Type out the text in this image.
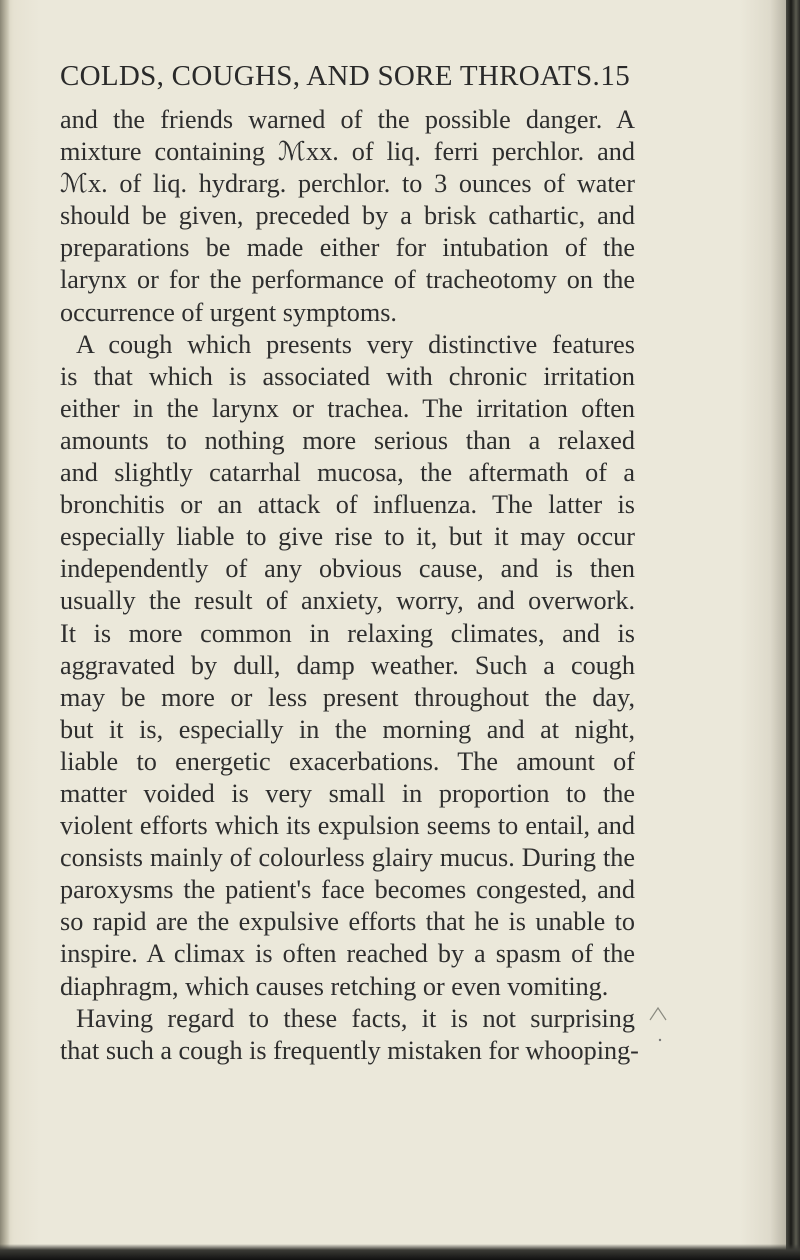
COLDS, COUGHS, AND SORE THROATS. 15
and the friends warned of the possible danger. A
mixture containing ℳxx. of liq. ferri perchlor. and
ℳx. of liq. hydrarg. perchlor. to 3 ounces of water
should be given, preceded by a brisk cathartic, and
preparations be made either for intubation of the
larynx or for the performance of tracheotomy on the
occurrence of urgent symptoms.
A cough which presents very distinctive features
is that which is associated with chronic irritation
either in the larynx or trachea. The irritation often
amounts to nothing more serious than a relaxed
and slightly catarrhal mucosa, the aftermath of a
bronchitis or an attack of influenza. The latter is
especially liable to give rise to it, but it may occur
independently of any obvious cause, and is then
usually the result of anxiety, worry, and overwork.
It is more common in relaxing climates, and is
aggravated by dull, damp weather. Such a cough
may be more or less present throughout the day,
but it is, especially in the morning and at night,
liable to energetic exacerbations. The amount of
matter voided is very small in proportion to the
violent efforts which its expulsion seems to entail, and
consists mainly of colourless glairy mucus. During the
paroxysms the patient's face becomes congested, and
so rapid are the expulsive efforts that he is unable to
inspire. A climax is often reached by a spasm of the
diaphragm, which causes retching or even vomiting.
Having regard to these facts, it is not surprising
that such a cough is frequently mistaken for whooping-
